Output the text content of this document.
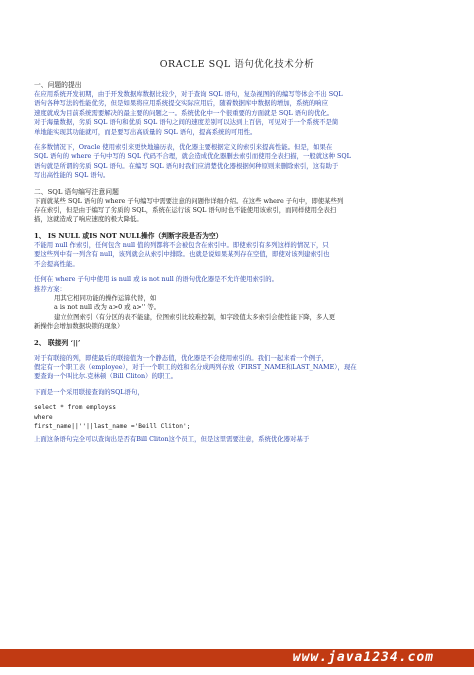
ORACLE SQL 语句优化技术分析
一、问题的提出
在应用系统开发初期，由于开发数据库数据比较少，对于查询 SQL 语句，复杂视图的的编写等体会不出 SQL
语句各种写法的性能优劣，但是如果将应用系统提交实际应用后，随着数据库中数据的增加，系统的响应
速度就成为目前系统需要解决的最主要的问题之一。系统优化中一个很重要的方面就是 SQL 语句的优化。
对于海量数据，劣质 SQL 语句和优质 SQL 语句之间的速度差别可以达到上百倍，可见对于一个系统不是简
单地能实现其功能就可，而是要写出高质量的 SQL 语句，提高系统的可用性。
在多数情况下，Oracle 使用索引来更快地遍历表，优化器主要根据定义的索引来提高性能。但是，如果在
SQL 语句的 where 子句中写的 SQL 代码不合理，就会造成优化器删去索引而使用全表扫描，一般就这种 SQL
语句就是所谓的劣质 SQL 语句。在编写 SQL 语句时我们应清楚优化器根据何种原则来删除索引，这有助于
写出高性能的 SQL 语句。
二、SQL 语句编写注意问题
下面就某些 SQL 语句的 where 子句编写中需要注意的问题作详细介绍。在这些 where 子句中，即使某些列
存在索引，但是由于编写了劣质的 SQL，系统在运行该 SQL 语句时也不能使用该索引，而同样使用全表扫
描，这就造成了响应速度的极大降低。
1、 IS NULL 或IS NOT NULL操作（判断字段是否为空）
不能用 null 作索引，任何包含 null 值的列都将不会被包含在索引中。即使索引有多列这样的情况下，只
要这些列中有一列含有 null，该列就会从索引中排除。也就是说如果某列存在空值，即使对该列建索引也
不会提高性能。
任何在 where 子句中使用 is null 或 is not null 的语句优化器是不允许使用索引的。
推荐方案：
用其它相同功能的操作运算代替，如
a is not null 改为 a>0 或 a>'' 等。
建立位图索引（有分区的表不能建，位图索引比较难控制，如字段值太多索引会使性能下降，多人更
新操作会增加数据块锁的现象）
2、 联接列 ‘||’
对于有联接的列，即使最后的联接值为一个静态值，优化器是不会使用索引的。我们一起来看一个例子，
假定有一个职工表（employee），对于一个职工的姓和名分成两列存放（FIRST_NAME和LAST_NAME），现在
要查询一个叫比尔.克林顿（Bill Cliton）的职工。
下面是一个采用联接查询的SQL语句，
select * from employss
where
first_name||''||last_name ='Beill Cliton';
上面这条语句完全可以查询出是否有Bill Cliton这个员工，但是这里需要注意，系统优化器对基于
www.java1234.com
